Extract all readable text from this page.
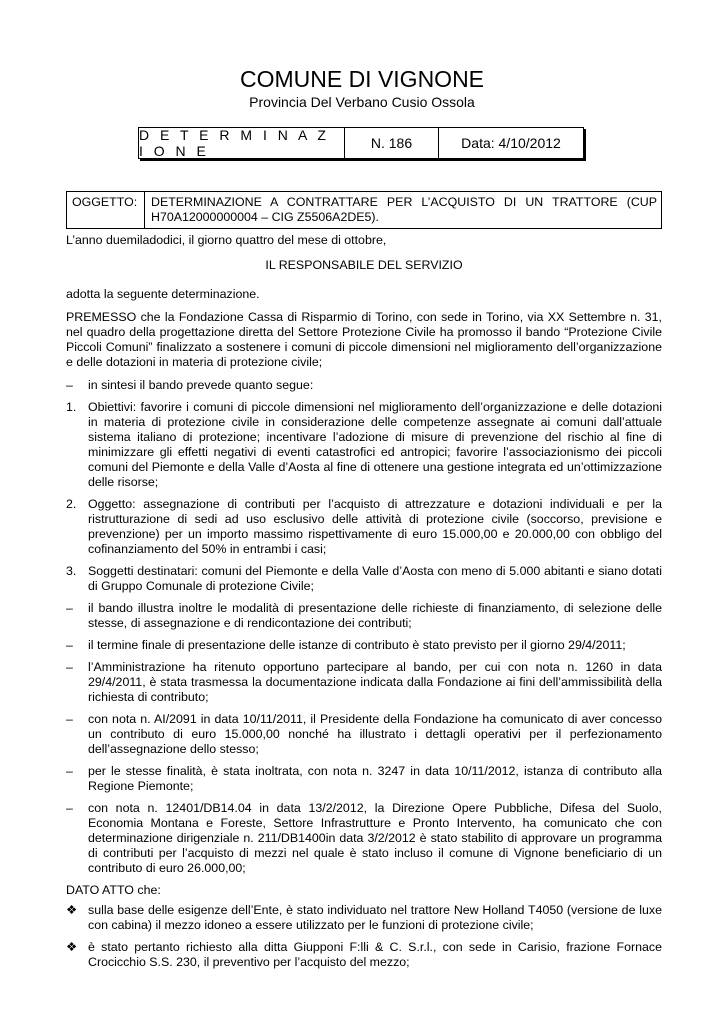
COMUNE DI VIGNONE
Provincia Del Verbano Cusio Ossola
D E T E R M I N A Z I O N E	N. 186	Data: 4/10/2012
OGGETTO:	DETERMINAZIONE A CONTRATTARE PER L’ACQUISTO DI UN TRATTORE (CUP H70A12000000004 – CIG Z5506A2DE5).

L’anno duemiladodici, il giorno quattro del mese di ottobre,

IL RESPONSABILE DEL SERVIZIO

adotta la seguente determinazione.

PREMESSO che la Fondazione Cassa di Risparmio di Torino, con sede in Torino, via XX Settembre n. 31, nel quadro della progettazione diretta del Settore Protezione Civile ha promosso il bando “Protezione Civile Piccoli Comuni” finalizzato a sostenere i comuni di piccole dimensioni nel miglioramento dell’organizzazione e delle dotazioni in materia di protezione civile;

–	in sintesi il bando prevede quanto segue:
1. Obiettivi: favorire i comuni di piccole dimensioni nel miglioramento dell’organizzazione e delle dotazioni in materia di protezione civile in considerazione delle competenze assegnate ai comuni dall’attuale sistema italiano di protezione; incentivare l’adozione di misure di prevenzione del rischio al fine di minimizzare gli effetti negativi di eventi catastrofici ed antropici; favorire l’associazionismo dei piccoli comuni del Piemonte e della Valle d’Aosta al fine di ottenere una gestione integrata ed un’ottimizzazione delle risorse;
2. Oggetto: assegnazione di contributi per l’acquisto di attrezzature e dotazioni individuali e per la ristrutturazione di sedi ad uso esclusivo delle attività di protezione civile (soccorso, previsione e prevenzione) per un importo massimo rispettivamente di euro 15.000,00 e 20.000,00 con obbligo del cofinanziamento del 50% in entrambi i casi;
3. Soggetti destinatari: comuni del Piemonte e della Valle d’Aosta con meno di 5.000 abitanti e siano dotati di Gruppo Comunale di protezione Civile;
–	il bando illustra inoltre le modalità di presentazione delle richieste di finanziamento, di selezione delle stesse, di assegnazione e di rendicontazione dei contributi;
–	il termine finale di presentazione delle istanze di contributo è stato previsto per il giorno 29/4/2011;
–	l’Amministrazione ha ritenuto opportuno partecipare al bando, per cui con nota n. 1260 in data 29/4/2011, è stata trasmessa la documentazione indicata dalla Fondazione ai fini dell’ammissibilità della richiesta di contributo;
–	con nota n. AI/2091 in data 10/11/2011, il Presidente della Fondazione ha comunicato di aver concesso un contributo di euro 15.000,00 nonché ha illustrato i dettagli operativi per il perfezionamento dell’assegnazione dello stesso;
–	per le stesse finalità, è stata inoltrata, con nota n. 3247 in data 10/11/2012, istanza di contributo alla Regione Piemonte;
–	con nota n. 12401/DB14.04 in data 13/2/2012, la Direzione Opere Pubbliche, Difesa del Suolo, Economia Montana e Foreste, Settore Infrastrutture e Pronto Intervento, ha comunicato che con determinazione dirigenziale n. 211/DB1400in data 3/2/2012 è stato stabilito di approvare un programma di contributi per l’acquisto di mezzi nel quale è stato incluso il comune di Vignone beneficiario di un contributo di euro 26.000,00;

DATO ATTO che:

❖ sulla base delle esigenze dell’Ente, è stato individuato nel trattore New Holland T4050 (versione de luxe con cabina) il mezzo idoneo a essere utilizzato per le funzioni di protezione civile;
❖ è stato pertanto richiesto alla ditta Giupponi F:lli & C. S.r.l., con sede in Carisio, frazione Fornace Crocicchio S.S. 230, il preventivo per l’acquisto del mezzo;
